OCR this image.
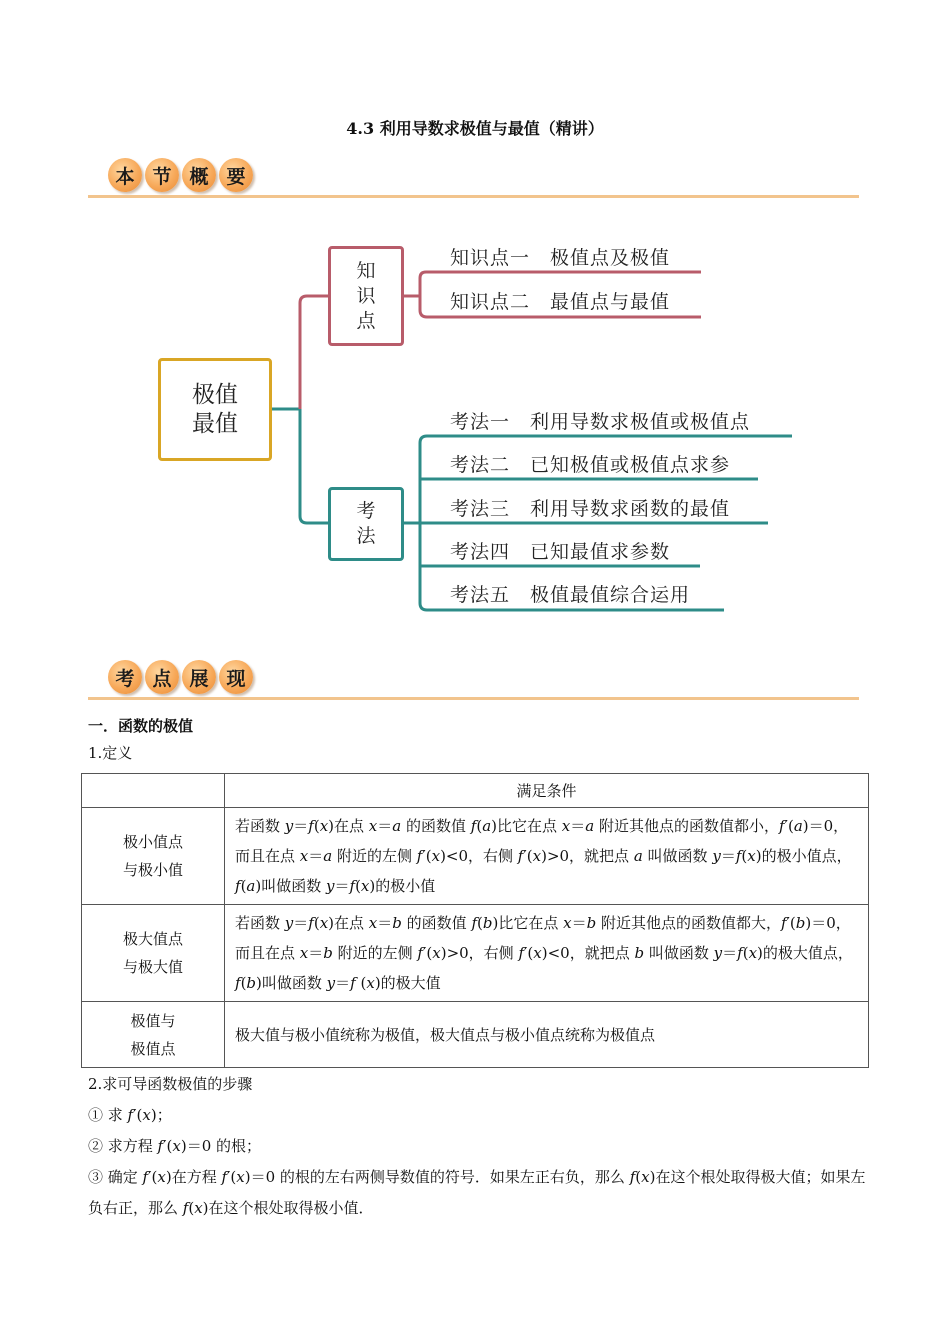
4.3 利用导数求极值与最值（精讲）
本 节 概 要
极值
最值
知
识
点
考
法
知识点一　极值点及极值
知识点二　最值点与最值
考法一　利用导数求极值或极值点
考法二　已知极值或极值点求参
考法三　利用导数求函数的最值
考法四　已知最值求参数
考法五　极值最值综合运用
考 点 展 现
一．函数的极值
1.定义
	满足条件
极小值点
与极小值	若函数 y＝f(x)在点 x＝a 的函数值 f(a)比它在点 x＝a 附近其他点的函数值都小，f′(a)＝0，而且在点 x＝a 附近的左侧 f′(x)<0，右侧 f′(x)>0，就把点 a 叫做函数 y＝f(x)的极小值点，f(a)叫做函数 y＝f(x)的极小值
极大值点
与极大值	若函数 y＝f(x)在点 x＝b 的函数值 f(b)比它在点 x＝b 附近其他点的函数值都大，f′(b)＝0，而且在点 x＝b 附近的左侧 f′(x)>0，右侧 f′(x)<0，就把点 b 叫做函数 y＝f(x)的极大值点，f(b)叫做函数 y＝f (x)的极大值
极值与
极值点	极大值与极小值统称为极值，极大值点与极小值点统称为极值点
2.求可导函数极值的步骤
① 求 f′(x)；
② 求方程 f′(x)＝0 的根；
③ 确定 f′(x)在方程 f′(x)＝0 的根的左右两侧导数值的符号．如果左正右负，那么 f(x)在这个根处取得极大值；如果左负右正，那么 f(x)在这个根处取得极小值．
